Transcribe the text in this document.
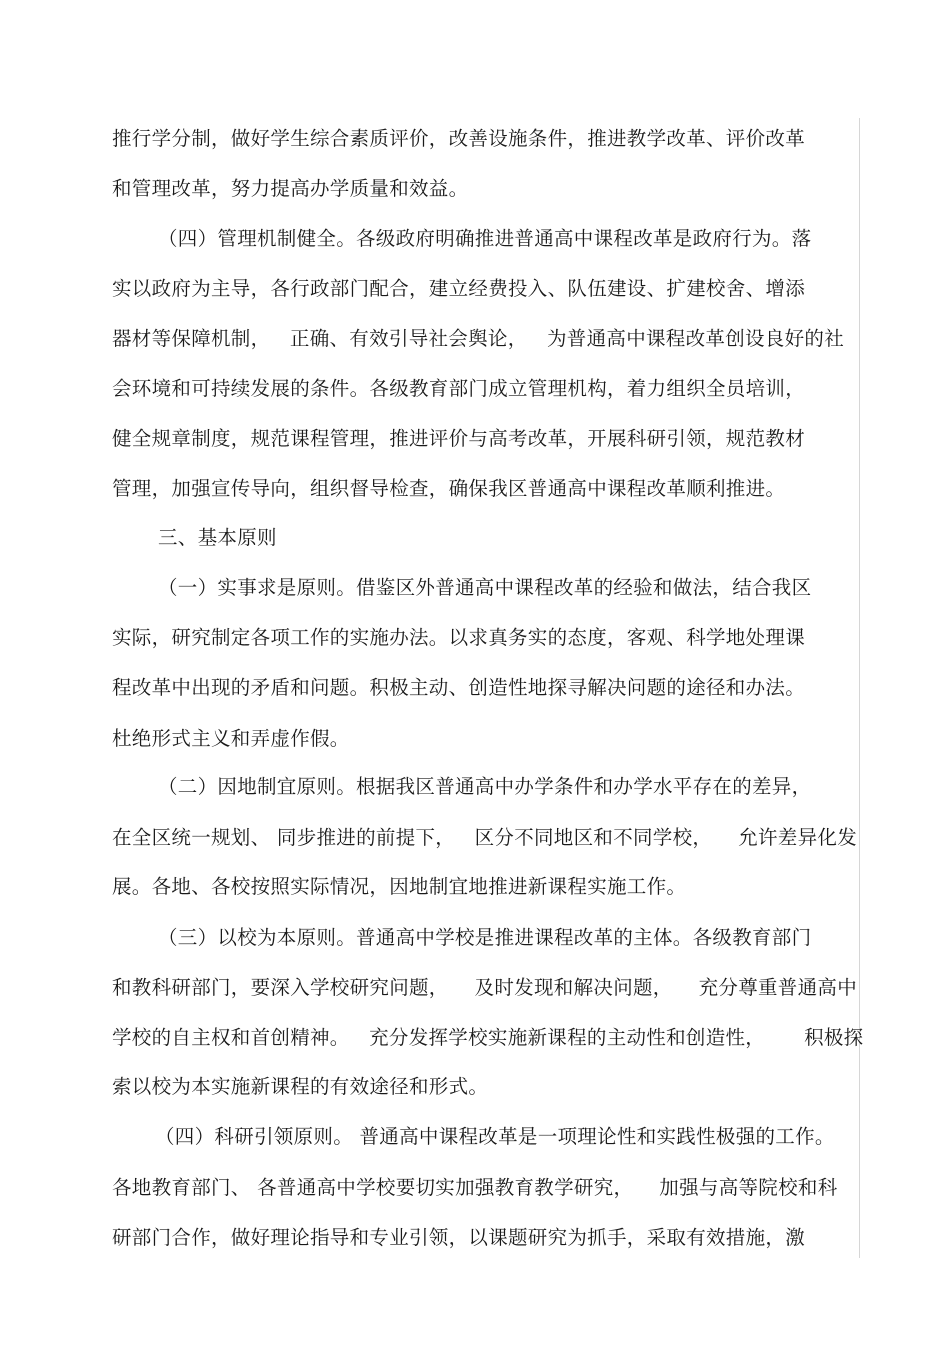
推行学分制，做好学生综合素质评价，改善设施条件，推进教学改革、评价改革
和管理改革，努力提高办学质量和效益。
（四）管理机制健全。各级政府明确推进普通高中课程改革是政府行为。落
实以政府为主导，各行政部门配合，建立经费投入、队伍建设、扩建校舍、增添
器材等保障机制，   正确、有效引导社会舆论，   为普通高中课程改革创设良好的社
会环境和可持续发展的条件。各级教育部门成立管理机构，着力组织全员培训，
健全规章制度，规范课程管理，推进评价与高考改革，开展科研引领，规范教材
管理，加强宣传导向，组织督导检查，确保我区普通高中课程改革顺利推进。
三、基本原则
（一）实事求是原则。借鉴区外普通高中课程改革的经验和做法，结合我区
实际，研究制定各项工作的实施办法。以求真务实的态度，客观、科学地处理课
程改革中出现的矛盾和问题。积极主动、创造性地探寻解决问题的途径和办法。
杜绝形式主义和弄虚作假。
（二）因地制宜原则。根据我区普通高中办学条件和办学水平存在的差异，
在全区统一规划、 同步推进的前提下，   区分不同地区和不同学校，    允许差异化发
展。各地、各校按照实际情况，因地制宜地推进新课程实施工作。
（三）以校为本原则。普通高中学校是推进课程改革的主体。各级教育部门
和教科研部门，要深入学校研究问题，    及时发现和解决问题，    充分尊重普通高中
学校的自主权和首创精神。   充分发挥学校实施新课程的主动性和创造性，      积极探
索以校为本实施新课程的有效途径和形式。
（四）科研引领原则。 普通高中课程改革是一项理论性和实践性极强的工作。
各地教育部门、 各普通高中学校要切实加强教育教学研究，    加强与高等院校和科
研部门合作，做好理论指导和专业引领，以课题研究为抓手，采取有效措施，激
